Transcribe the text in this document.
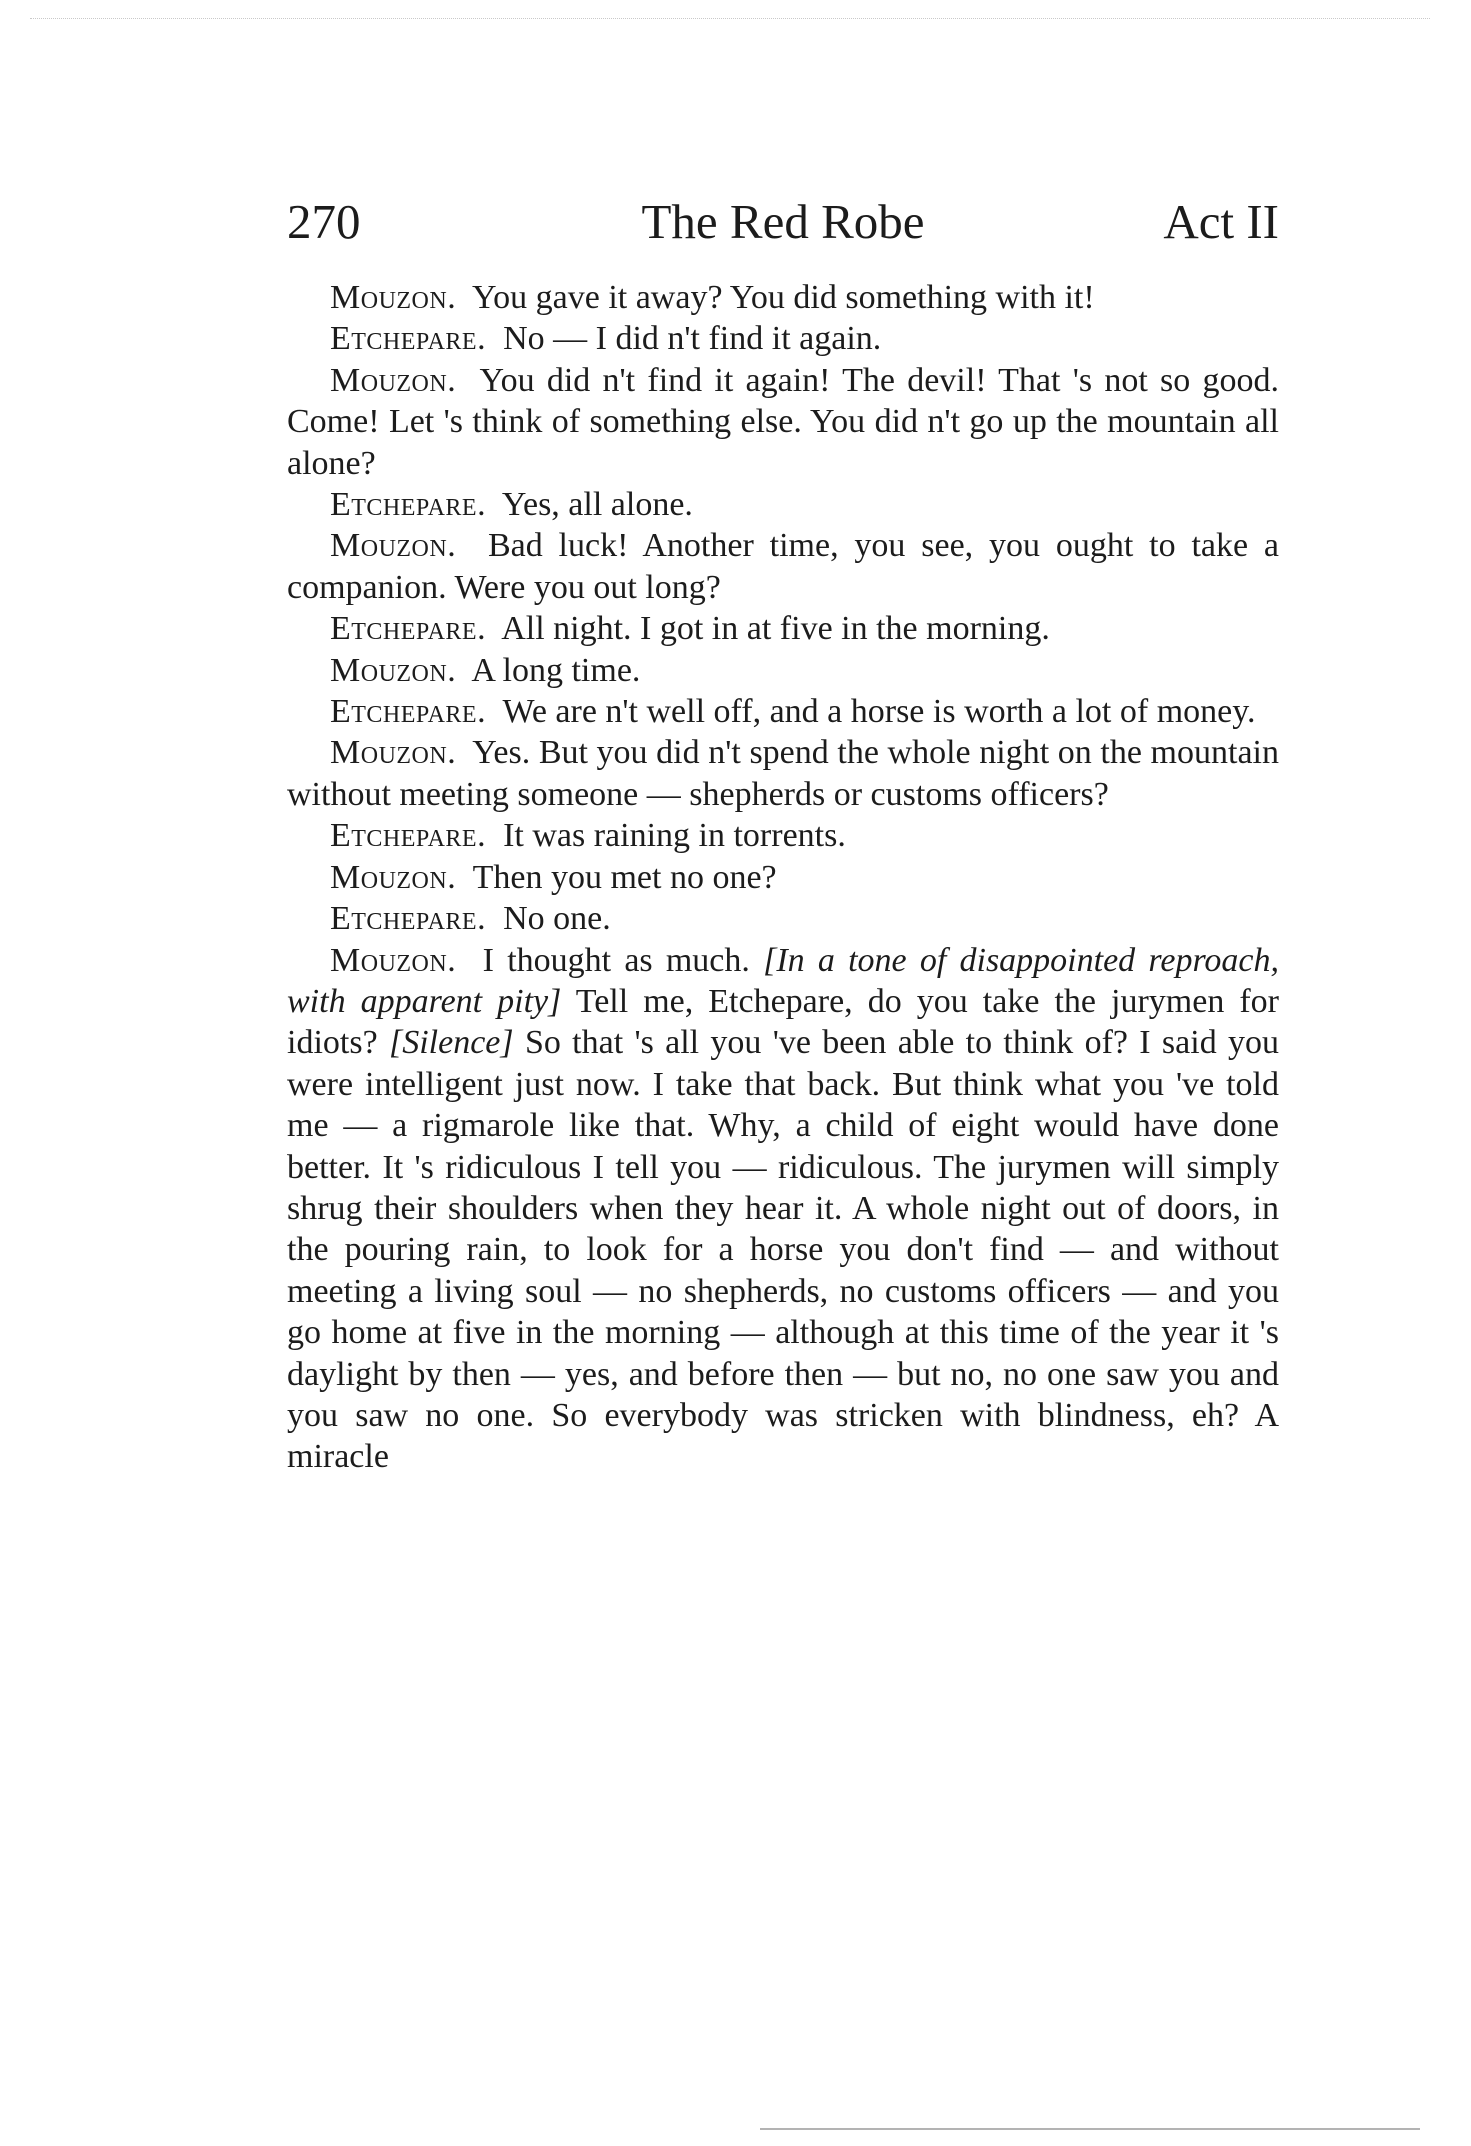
270	The Red Robe	Act II

Mouzon. You gave it away? You did something with it!

Etchepare. No — I did n't find it again.

Mouzon. You did n't find it again! The devil! That 's not so good. Come! Let 's think of something else. You did n't go up the mountain all alone?

Etchepare. Yes, all alone.

Mouzon. Bad luck! Another time, you see, you ought to take a companion. Were you out long?

Etchepare. All night. I got in at five in the morning.

Mouzon. A long time.

Etchepare. We are n't well off, and a horse is worth a lot of money.

Mouzon. Yes. But you did n't spend the whole night on the mountain without meeting someone — shepherds or customs officers?

Etchepare. It was raining in torrents.

Mouzon. Then you met no one?

Etchepare. No one.

Mouzon. I thought as much. [In a tone of disappointed reproach, with apparent pity] Tell me, Etchepare, do you take the jurymen for idiots? [Silence] So that 's all you 've been able to think of? I said you were intelligent just now. I take that back. But think what you 've told me — a rigmarole like that. Why, a child of eight would have done better. It 's ridiculous I tell you — ridiculous. The jurymen will simply shrug their shoulders when they hear it. A whole night out of doors, in the pouring rain, to look for a horse you don't find — and without meeting a living soul — no shepherds, no customs officers — and you go home at five in the morning — although at this time of the year it 's daylight by then — yes, and before then — but no, no one saw you and you saw no one. So everybody was stricken with blindness, eh? A miracle
